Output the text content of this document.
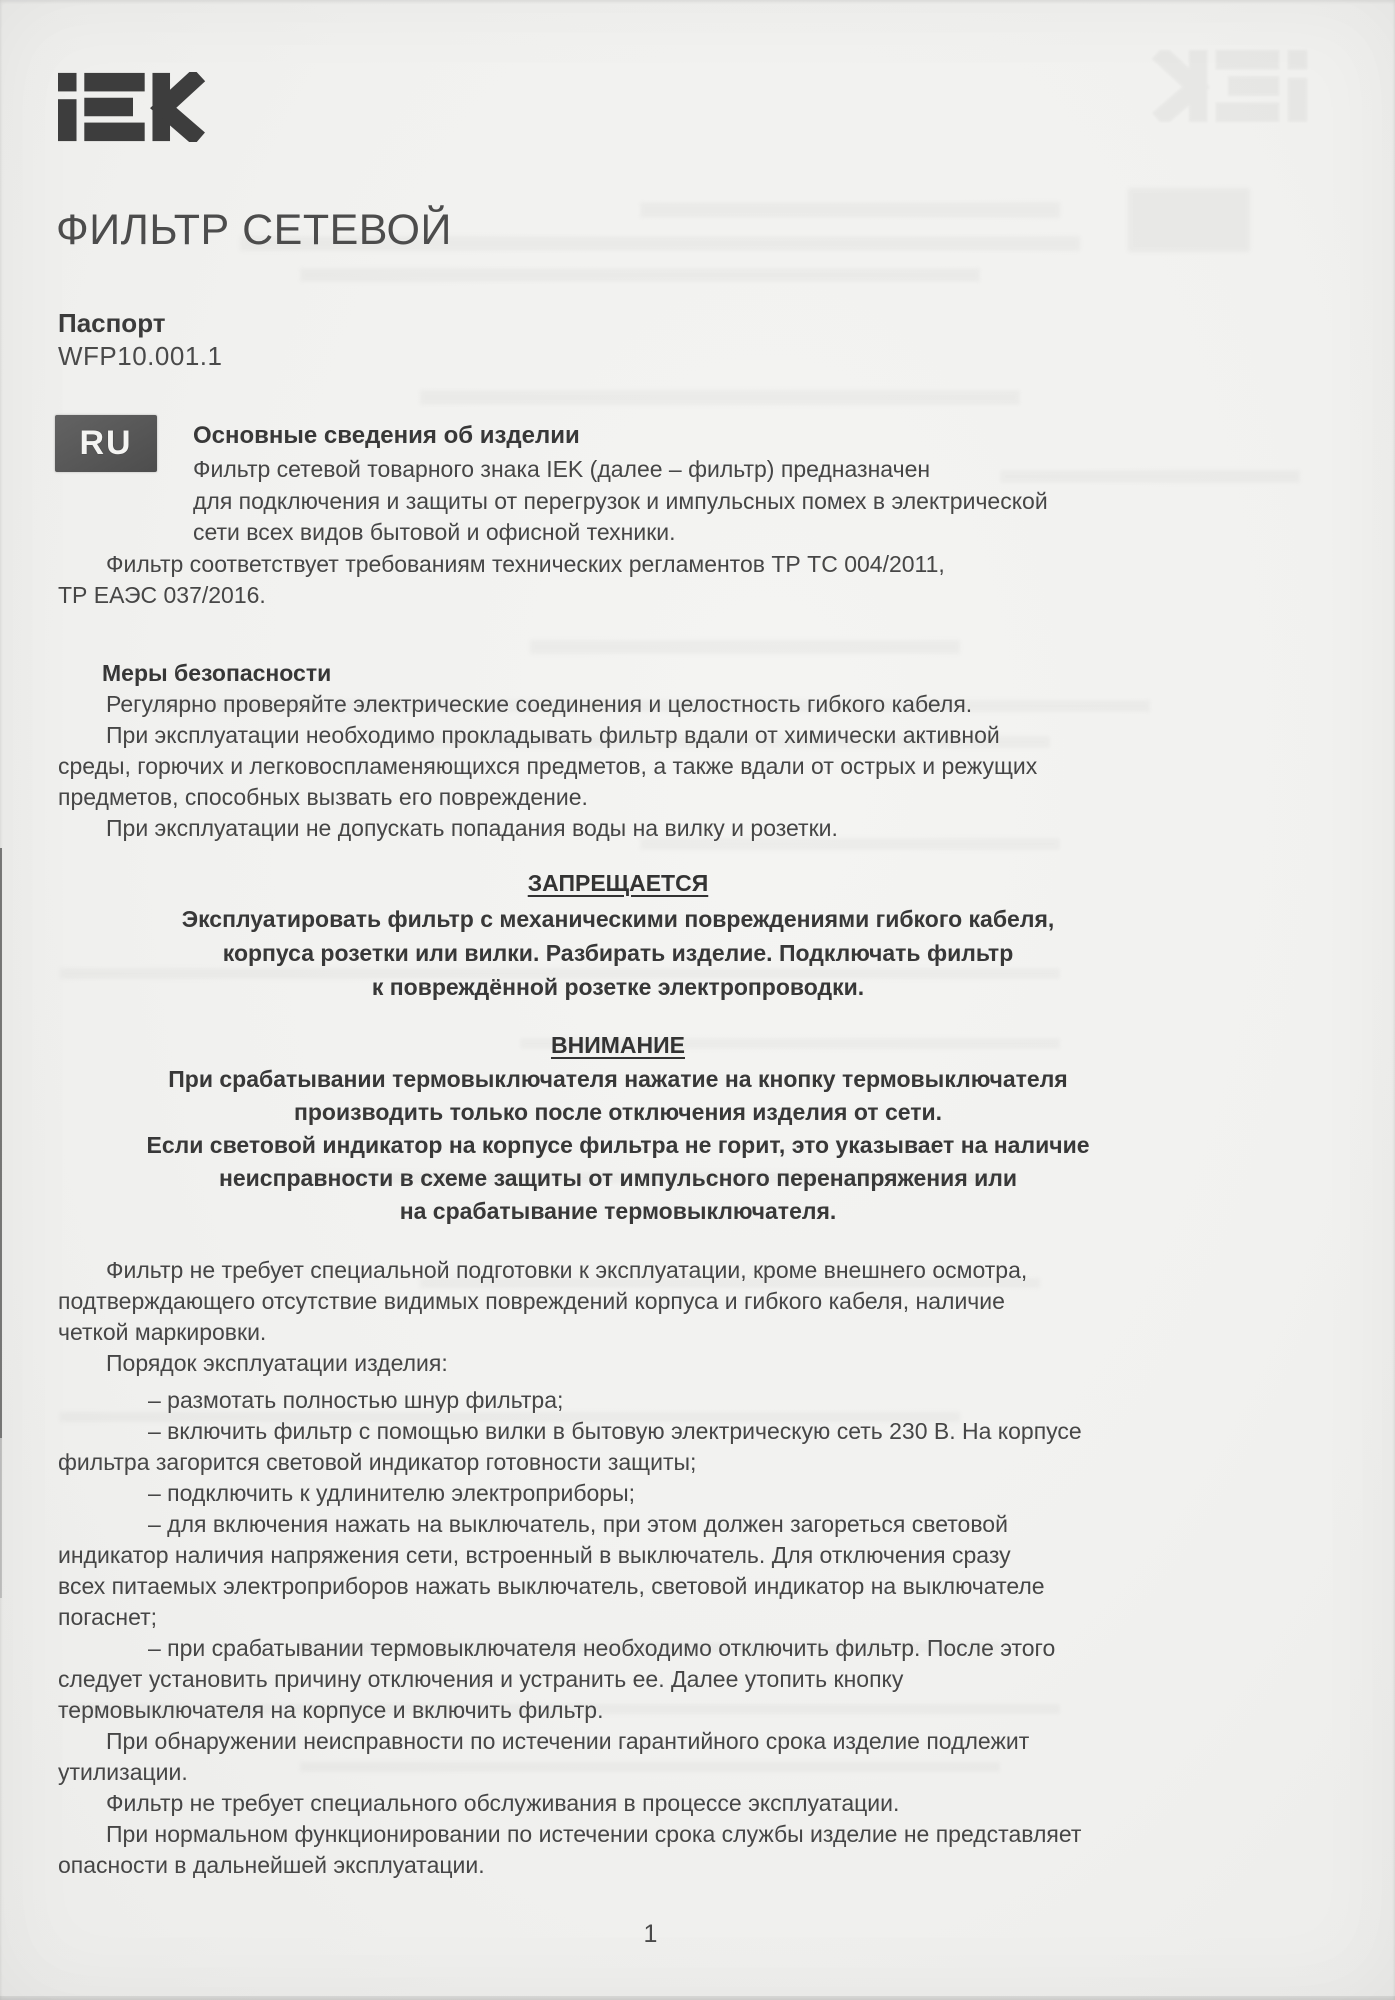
ФИЛЬТР СЕТЕВОЙ
Паспорт
WFP10.001.1
RU	Основные сведения об изделии
Фильтр сетевой товарного знака IEK (далее – фильтр) предназначен
для подключения и защиты от перегрузок и импульсных помех в электрической
сети всех видов бытовой и офисной техники.
Фильтр соответствует требованиям технических регламентов ТР ТС 004/2011,
ТР ЕАЭС 037/2016.
Меры безопасности
Регулярно проверяйте электрические соединения и целостность гибкого кабеля.
При эксплуатации необходимо прокладывать фильтр вдали от химически активной
среды, горючих и легковоспламеняющихся предметов, а также вдали от острых и режущих
предметов, способных вызвать его повреждение.
При эксплуатации не допускать попадания воды на вилку и розетки.
ЗАПРЕЩАЕТСЯ
Эксплуатировать фильтр с механическими повреждениями гибкого кабеля,
корпуса розетки или вилки. Разбирать изделие. Подключать фильтр
к повреждённой розетке электропроводки.
ВНИМАНИЕ
При срабатывании термовыключателя нажатие на кнопку термовыключателя
производить только после отключения изделия от сети.
Если световой индикатор на корпусе фильтра не горит, это указывает на наличие
неисправности в схеме защиты от импульсного перенапряжения или
на срабатывание термовыключателя.
Фильтр не требует специальной подготовки к эксплуатации, кроме внешнего осмотра,
подтверждающего отсутствие видимых повреждений корпуса и гибкого кабеля, наличие
четкой маркировки.
Порядок эксплуатации изделия:
– размотать полностью шнур фильтра;
– включить фильтр с помощью вилки в бытовую электрическую сеть 230 В. На корпусе
фильтра загорится световой индикатор готовности защиты;
– подключить к удлинителю электроприборы;
– для включения нажать на выключатель, при этом должен загореться световой
индикатор наличия напряжения сети, встроенный в выключатель. Для отключения сразу
всех питаемых электроприборов нажать выключатель, световой индикатор на выключателе
погаснет;
– при срабатывании термовыключателя необходимо отключить фильтр. После этого
следует установить причину отключения и устранить ее. Далее утопить кнопку
термовыключателя на корпусе и включить фильтр.
При обнаружении неисправности по истечении гарантийного срока изделие подлежит
утилизации.
Фильтр не требует специального обслуживания в процессе эксплуатации.
При нормальном функционировании по истечении срока службы изделие не представляет
опасности в дальнейшей эксплуатации.
1
